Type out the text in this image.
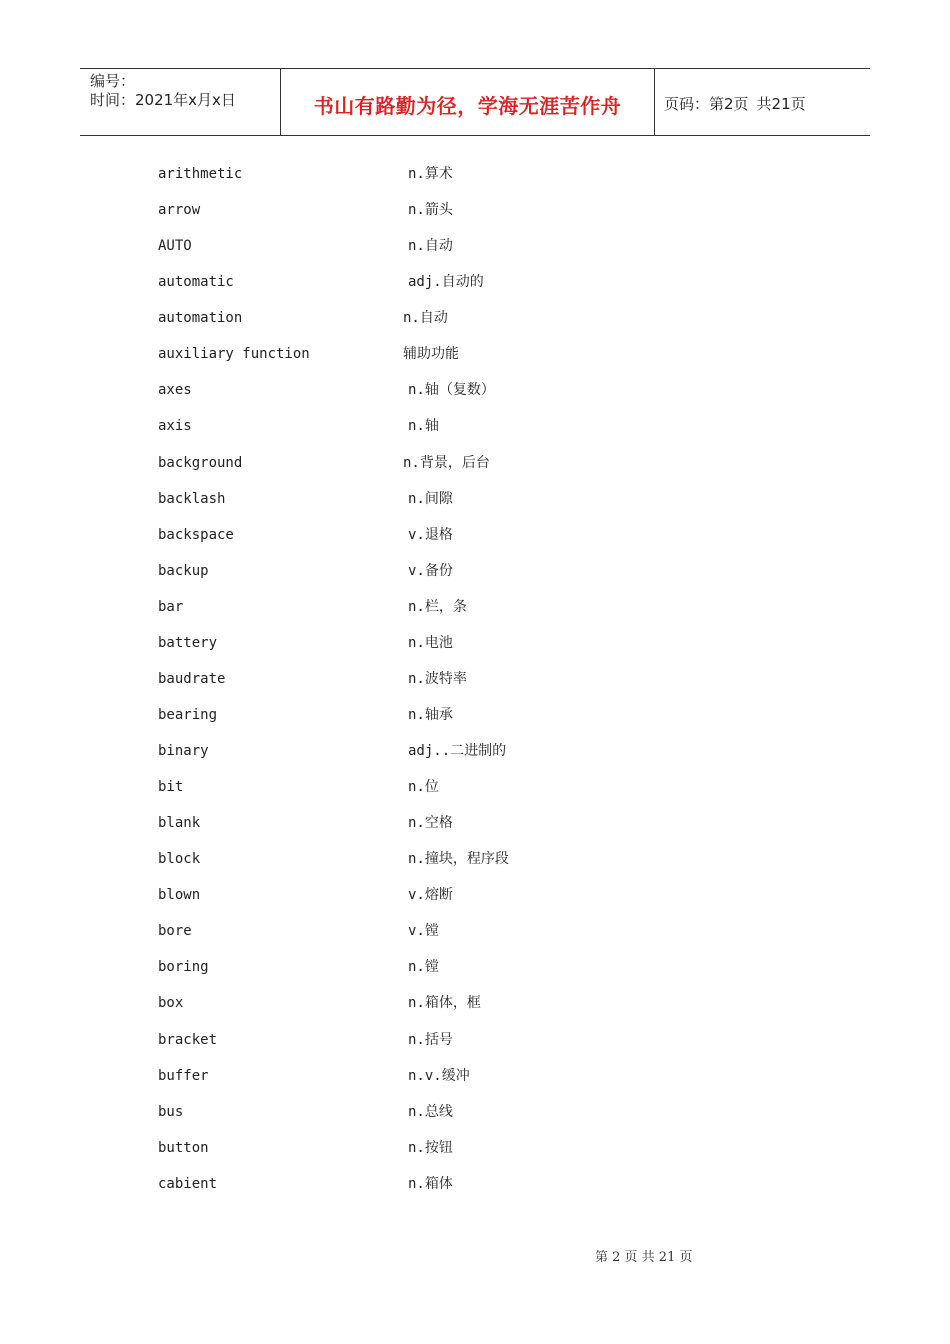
编号：
时间：2021年x月x日	书山有路勤为径，学海无涯苦作舟	页码：第2页 共21页
arithmetic	n.算术
arrow	n.箭头
AUTO	n.自动
automatic	adj.自动的
automation	n.自动
auxiliary function	辅助功能
axes	n.轴（复数）
axis	n.轴
background	n.背景，后台
backlash	n.间隙
backspace	v.退格
backup	v.备份
bar	n.栏，条
battery	n.电池
baudrate	n.波特率
bearing	n.轴承
binary	adj..二进制的
bit	n.位
blank	n.空格
block	n.撞块，程序段
blown	v.熔断
bore	v.镗
boring	n.镗
box	n.箱体，框
bracket	n.括号
buffer	n.v.缓冲
bus	n.总线
button	n.按钮
cabient	n.箱体
第 2 页 共 21 页
